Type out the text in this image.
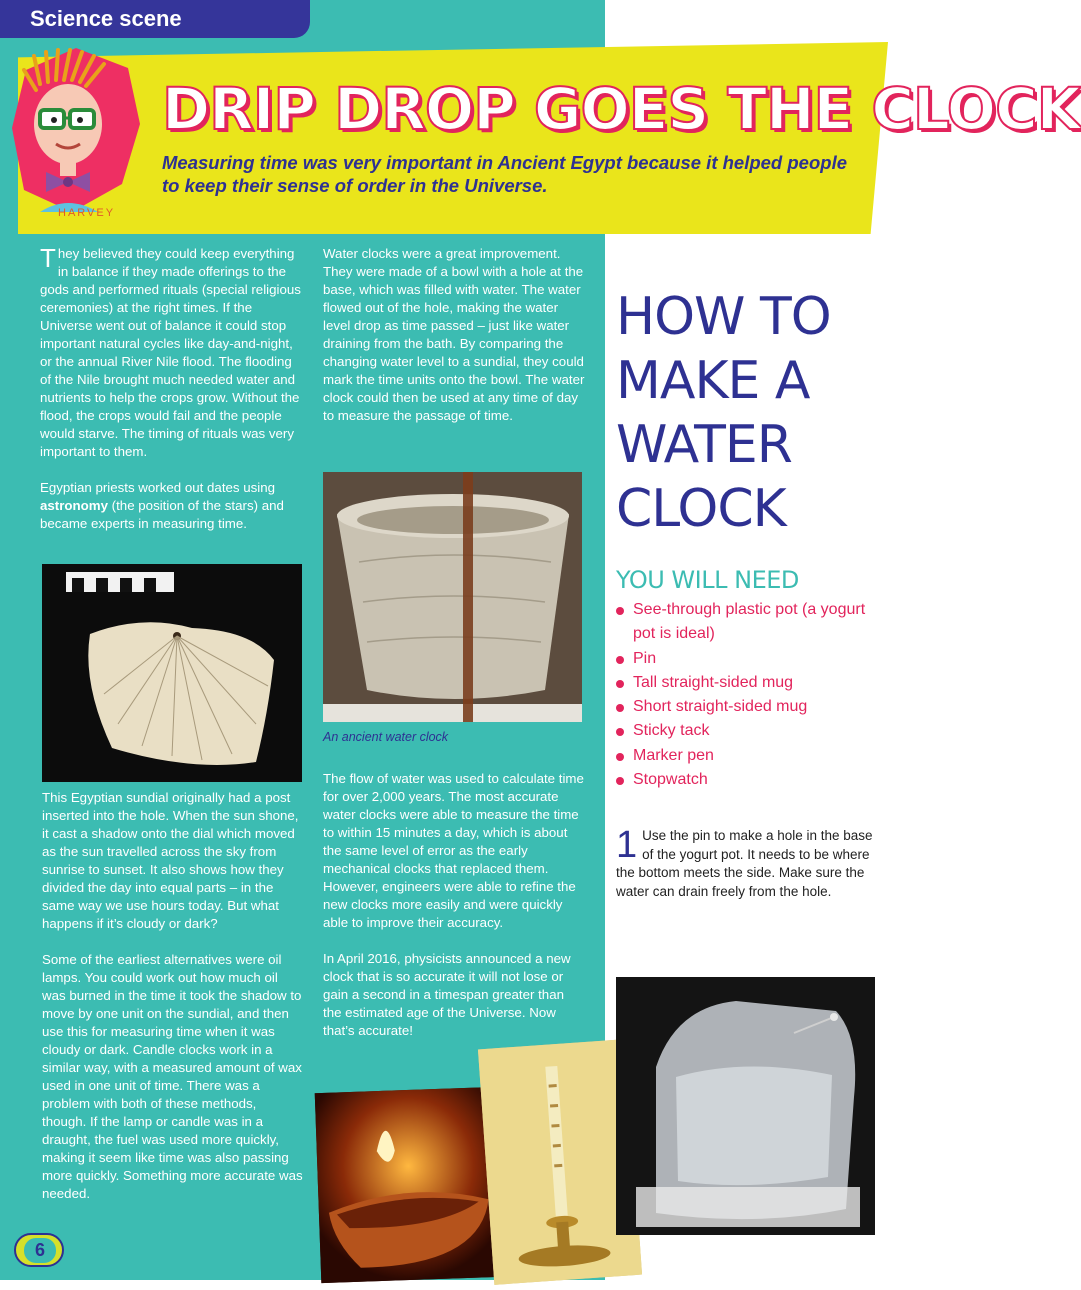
Science scene
HARVEY
DRIP DROP GOES THE CLOCK
Measuring time was very important in Ancient Egypt because it helped people to keep their sense of order in the Universe.

They believed they could keep everything in balance if they made offerings to the gods and performed rituals (special religious ceremonies) at the right times. If the Universe went out of balance it could stop important natural cycles like day-and-night, or the annual River Nile flood. The flooding of the Nile brought much needed water and nutrients to help the crops grow. Without the flood, the crops would fail and the people would starve. The timing of rituals was very important to them.

Egyptian priests worked out dates using astronomy (the position of the stars) and became experts in measuring time.

This Egyptian sundial originally had a post inserted into the hole. When the sun shone, it cast a shadow onto the dial which moved as the sun travelled across the sky from sunrise to sunset. It also shows how they divided the day into equal parts – in the same way we use hours today. But what happens if it’s cloudy or dark?

Some of the earliest alternatives were oil lamps. You could work out how much oil was burned in the time it took the shadow to move by one unit on the sundial, and then use this for measuring time when it was cloudy or dark. Candle clocks work in a similar way, with a measured amount of wax used in one unit of time. There was a problem with both of these methods, though. If the lamp or candle was in a draught, the fuel was used more quickly, making it seem like time was also passing more quickly. Something more accurate was needed.

Water clocks were a great improvement. They were made of a bowl with a hole at the base, which was filled with water. The water flowed out of the hole, making the water level drop as time passed – just like water draining from the bath. By comparing the changing water level to a sundial, they could mark the time units onto the bowl. The water clock could then be used at any time of day to measure the passage of time.

An ancient water clock

The flow of water was used to calculate time for over 2,000 years. The most accurate water clocks were able to measure the time to within 15 minutes a day, which is about the same level of error as the early mechanical clocks that replaced them. However, engineers were able to refine the new clocks more easily and were quickly able to improve their accuracy.

In April 2016, physicists announced a new clock that is so accurate it will not lose or gain a second in a timespan greater than the estimated age of the Universe. Now that’s accurate!

HOW TO
MAKE A
WATER
CLOCK
YOU WILL NEED
See-through plastic pot (a yogurt pot is ideal)
Pin
Tall straight-sided mug
Short straight-sided mug
Sticky tack
Marker pen
Stopwatch
1 Use the pin to make a hole in the base of the yogurt pot. It needs to be where the bottom meets the side. Make sure the water can drain freely from the hole.
6
